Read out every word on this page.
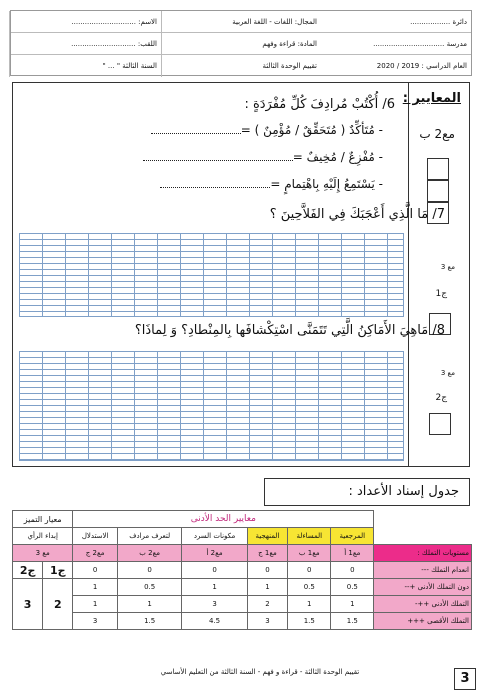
دائرة ..................
المجال: اللغات - اللغة العربية
الاسم: .............................
مدرسة ................................
المادة: قراءة وفهم
اللقب: .............................
العام الدراسي : 2019 / 2020
تقييم الوحدة الثالثة
السنة الثالثة " ... "
المعايير :
مع2 ب
مع 3
ج1
مع 3
ج2
6/ أُكْتُبْ مُرادِفَ كُلِّ مُفْرَدَةٍ :
- مُتَأكِّدٌ ( مُتَحَقِّقٌ / مُؤْمِنٌ ) =
- مُفْزِعٌ / مُخِيفٌ =
- يَسْتَمِعُ إِلَيْهِ بِاهْتِمامٍ =
7/ مَا الَّذِي أَعْجَبَكَ فِي الفَلاَّحِينَ ؟
8/ مَاهِيَ الأَمَاكِنُ الَّتِي تَتَمَنَّى اسْتِكْشافَها بِالمِنْطادِ؟ وَ لِماذَا؟
جدول إسناد الأعداد :
	معايير الحد الأدنى						معيار التميز	
	المرجعية	المساءلة	المنهجية	مكونات السرد	لتعرف مرادف	الاستدلال	إبداء الرأي	
مستويات التملك :	مع1 أ	مع1 ب	مع1 ج	مع2 أ	مع2 ب	مع2 ج	مع 3	
انعدام التملك ---	0	0	0	0	0	0	ج1	ج2
دون التملك الأدنى +--	0.5	0.5	1	1	0.5	1	2	3
التملك الأدنى ++-	1	1	2	3	1	1		
التملك الأقصى +++	1.5	1.5	3	4.5	1.5	3		
تقييم الوحدة الثالثة - قراءة و فهم - السنة الثالثة من التعليم الأساسي	3
